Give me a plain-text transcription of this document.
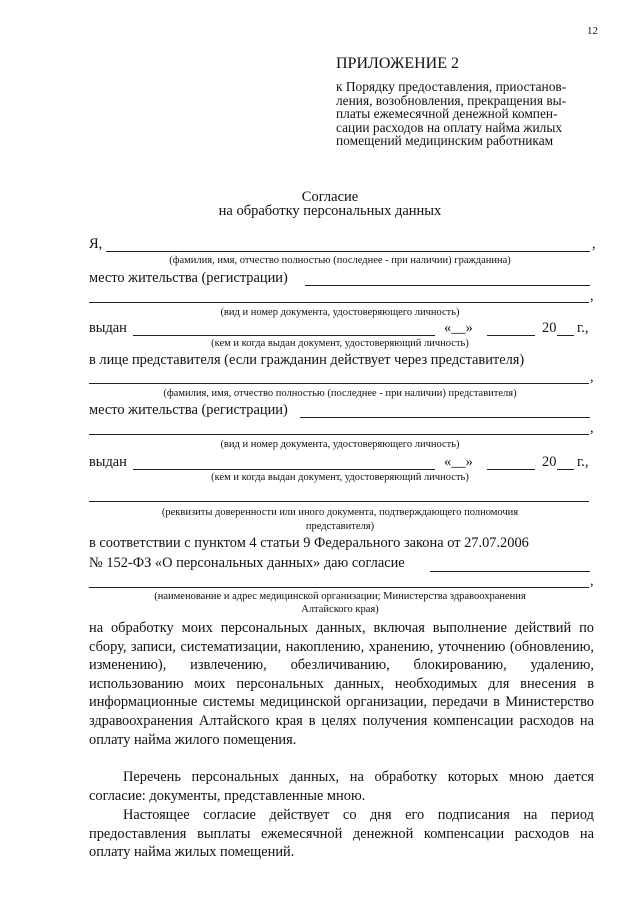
12
ПРИЛОЖЕНИЕ 2
к Порядку предоставления, приостанов-
ления, возобновления, прекращения вы-
платы ежемесячной денежной компен-
сации расходов на оплату найма жилых
помещений медицинским работникам
Согласие
на обработку персональных данных
Я,	,
(фамилия, имя, отчество полностью (последнее - при наличии) гражданина)
место жительства (регистрации)
,
(вид и номер документа, удостоверяющего личность)
выдан	«__»	20 г.,
(кем и когда выдан документ, удостоверяющий личность)
в лице представителя (если гражданин действует через представителя)
,
(фамилия, имя, отчество полностью (последнее - при наличии) представителя)
место жительства (регистрации)
,
(вид и номер документа, удостоверяющего личность)
выдан	«__»	20 г.,
(кем и когда выдан документ, удостоверяющий личность)
(реквизиты доверенности или иного документа, подтверждающего полномочия
представителя)
в соответствии с пунктом 4 статьи 9 Федерального закона от 27.07.2006
№ 152-ФЗ «О персональных данных» даю согласие
,
(наименование и адрес медицинской организации; Министерства здравоохранения
Алтайского края)
на обработку моих персональных данных, включая выполнение действий по сбору, записи, систематизации, накоплению, хранению, уточнению (обновлению, изменению), извлечению, обезличиванию, блокированию, удалению, использованию моих персональных данных, необходимых для внесения в информационные системы медицинской организации, передачи в Министерство здравоохранения Алтайского края в целях получения компенсации расходов на оплату найма жилого помещения.
Перечень персональных данных, на обработку которых мною дается согласие: документы, представленные мною.
Настоящее согласие действует со дня его подписания на период предоставления выплаты ежемесячной денежной компенсации расходов на оплату найма жилых помещений.
